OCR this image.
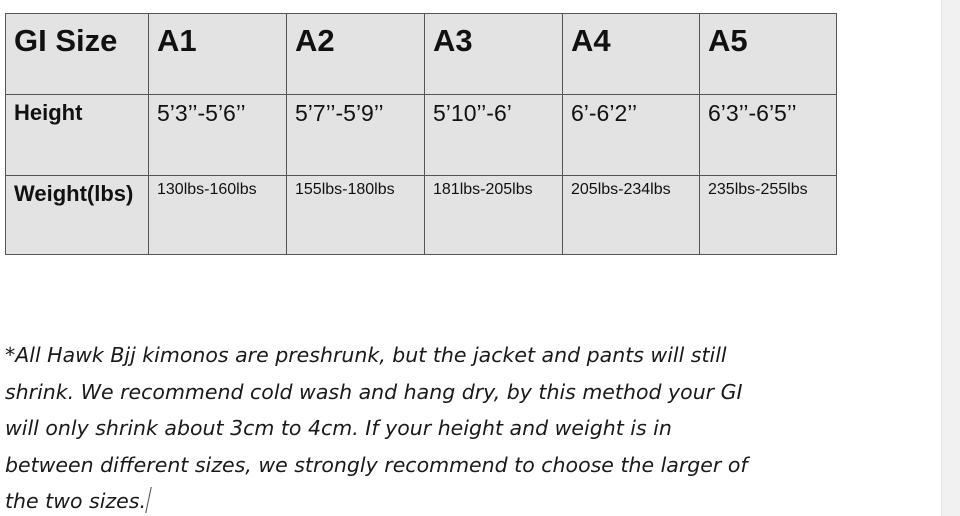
GI Size	A1	A2	A3	A4	A5

Height	5’3’’-5’6’’	5’7’’-5’9’’	5’10’’-6’	6’-6’2’’	6’3’’-6’5’’

Weight(lbs)	130lbs-160lbs	155lbs-180lbs	181lbs-205lbs	205lbs-234lbs	235lbs-255lbs

*All Hawk Bjj kimonos are preshrunk, but the jacket and pants will still
shrink. We recommend cold wash and hang dry, by this method your GI
will only shrink about 3cm to 4cm. If your height and weight is in
between different sizes, we strongly recommend to choose the larger of
the two sizes.
